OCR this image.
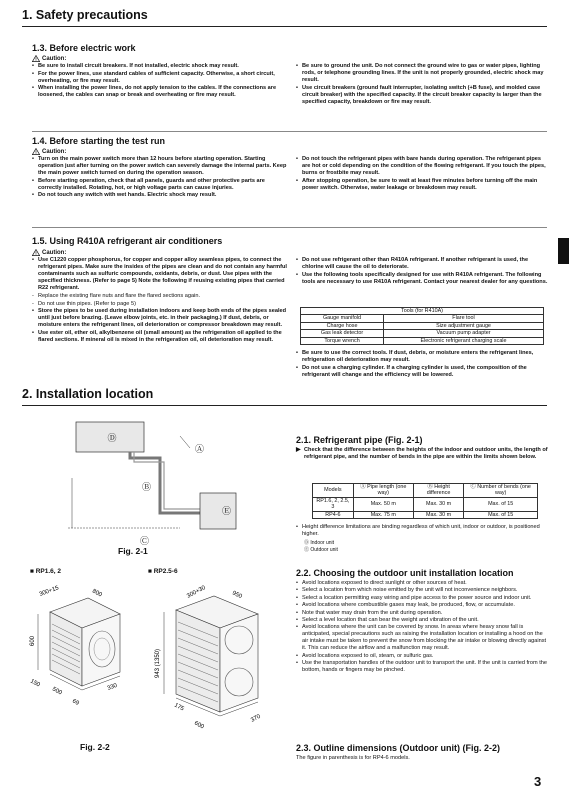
1. Safety precautions
1.3. Before electric work
Caution:
• Be sure to install circuit breakers. If not installed, electric shock may result.
• For the power lines, use standard cables of sufficient capacity. Otherwise, a short circuit, overheating, or fire may result.
• When installing the power lines, do not apply tension to the cables. If the connections are loosened, the cables can snap or break and overheating or fire may result.
• Be sure to ground the unit. Do not connect the ground wire to gas or water pipes, lighting rods, or telephone grounding lines. If the unit is not properly grounded, electric shock may result.
• Use circuit breakers (ground fault interrupter, isolating switch (+B fuse), and molded case circuit breaker) with the specified capacity. If the circuit breaker capacity is larger than the specified capacity, breakdown or fire may result.
1.4. Before starting the test run
Caution:
• Turn on the main power switch more than 12 hours before starting operation. Starting operation just after turning on the power switch can severely damage the internal parts. Keep the main power switch turned on during the operation season.
• Before starting operation, check that all panels, guards and other protective parts are correctly installed. Rotating, hot, or high voltage parts can cause injuries.
• Do not touch any switch with wet hands. Electric shock may result.
• Do not touch the refrigerant pipes with bare hands during operation. The refrigerant pipes are hot or cold depending on the condition of the flowing refrigerant. If you touch the pipes, burns or frostbite may result.
• After stopping operation, be sure to wait at least five minutes before turning off the main power switch. Otherwise, water leakage or breakdown may result.
1.5. Using R410A refrigerant air conditioners
Caution:
• Use C1220 copper phosphorus, for copper and copper alloy seamless pipes, to connect the refrigerant pipes. Make sure the insides of the pipes are clean and do not contain any harmful contaminants such as sulfuric compounds, oxidants, debris, or dust. Use pipes with the specified thickness. (Refer to page 5) Note the following if reusing existing pipes that carried R22 refrigerant.
- Replace the existing flare nuts and flare the flared sections again.
- Do not use thin pipes. (Refer to page 5)
• Store the pipes to be used during installation indoors and keep both ends of the pipes sealed until just before brazing. (Leave elbow joints, etc. in their packaging.) If dust, debris, or moisture enters the refrigerant lines, oil deterioration or compressor breakdown may result.
• Use ester oil, ether oil, alkylbenzene oil (small amount) as the refrigeration oil applied to the flared sections. If mineral oil is mixed in the refrigeration oil, oil deterioration may result.
• Do not use refrigerant other than R410A refrigerant. If another refrigerant is used, the chlorine will cause the oil to deteriorate.
• Use the following tools specifically designed for use with R410A refrigerant. The following tools are necessary to use R410A refrigerant. Contact your nearest dealer for any questions.
Tools (for R410A)	
Gauge manifold	Flare tool
Charge hose	Size adjustment gauge
Gas leak detector	Vacuum pump adapter
Torque wrench	Electronic refrigerant charging scale
• Be sure to use the correct tools. If dust, debris, or moisture enters the refrigerant lines, refrigeration oil deterioration may result.
• Do not use a charging cylinder. If a charging cylinder is used, the composition of the refrigerant will change and the efficiency will be lowered.
2. Installation location
Ⓓ
Ⓐ
Ⓑ
Ⓔ
Ⓒ
Fig. 2-1
2.1. Refrigerant pipe (Fig. 2-1)
▶ Check that the difference between the heights of the indoor and outdoor units, the length of refrigerant pipe, and the number of bends in the pipe are within the limits shown below.
Models	Ⓐ Pipe length (one way)	Ⓑ Height difference	Ⓒ Number of bends (one way)
RP1.6, 2, 2.5, 3	Max. 50 m	Max. 30 m	Max. of 15
RP4-6	Max. 75 m	Max. 30 m	Max. of 15
• Height difference limitations are binding regardless of which unit, indoor or outdoor, is positioned higher.
Ⓓ Indoor unit
Ⓔ Outdoor unit
2.2. Choosing the outdoor unit installation location
• Avoid locations exposed to direct sunlight or other sources of heat.
• Select a location from which noise emitted by the unit will not inconvenience neighbors.
• Select a location permitting easy wiring and pipe access to the power source and indoor unit.
• Avoid locations where combustible gases may leak, be produced, flow, or accumulate.
• Note that water may drain from the unit during operation.
• Select a level location that can bear the weight and vibration of the unit.
• Avoid locations where the unit can be covered by snow. In areas where heavy snow fall is anticipated, special precautions such as raising the installation location or installing a hood on the air intake must be taken to prevent the snow from blocking the air intake or blowing directly against it. This can reduce the airflow and a malfunction may result.
• Avoid locations exposed to oil, steam, or sulfuric gas.
• Use the transportation handles of the outdoor unit to transport the unit. If the unit is carried from the bottom, hands or fingers may be pinched.
2.3. Outline dimensions (Outdoor unit) (Fig. 2-2)
The figure in parenthesis is for RP4-6 models.
■ RP1.6, 2	■ RP2.5-6
300+15	800
600
150
500
69
330
300+30	950
943 (1350)
175
600
370
Fig. 2-2
3
